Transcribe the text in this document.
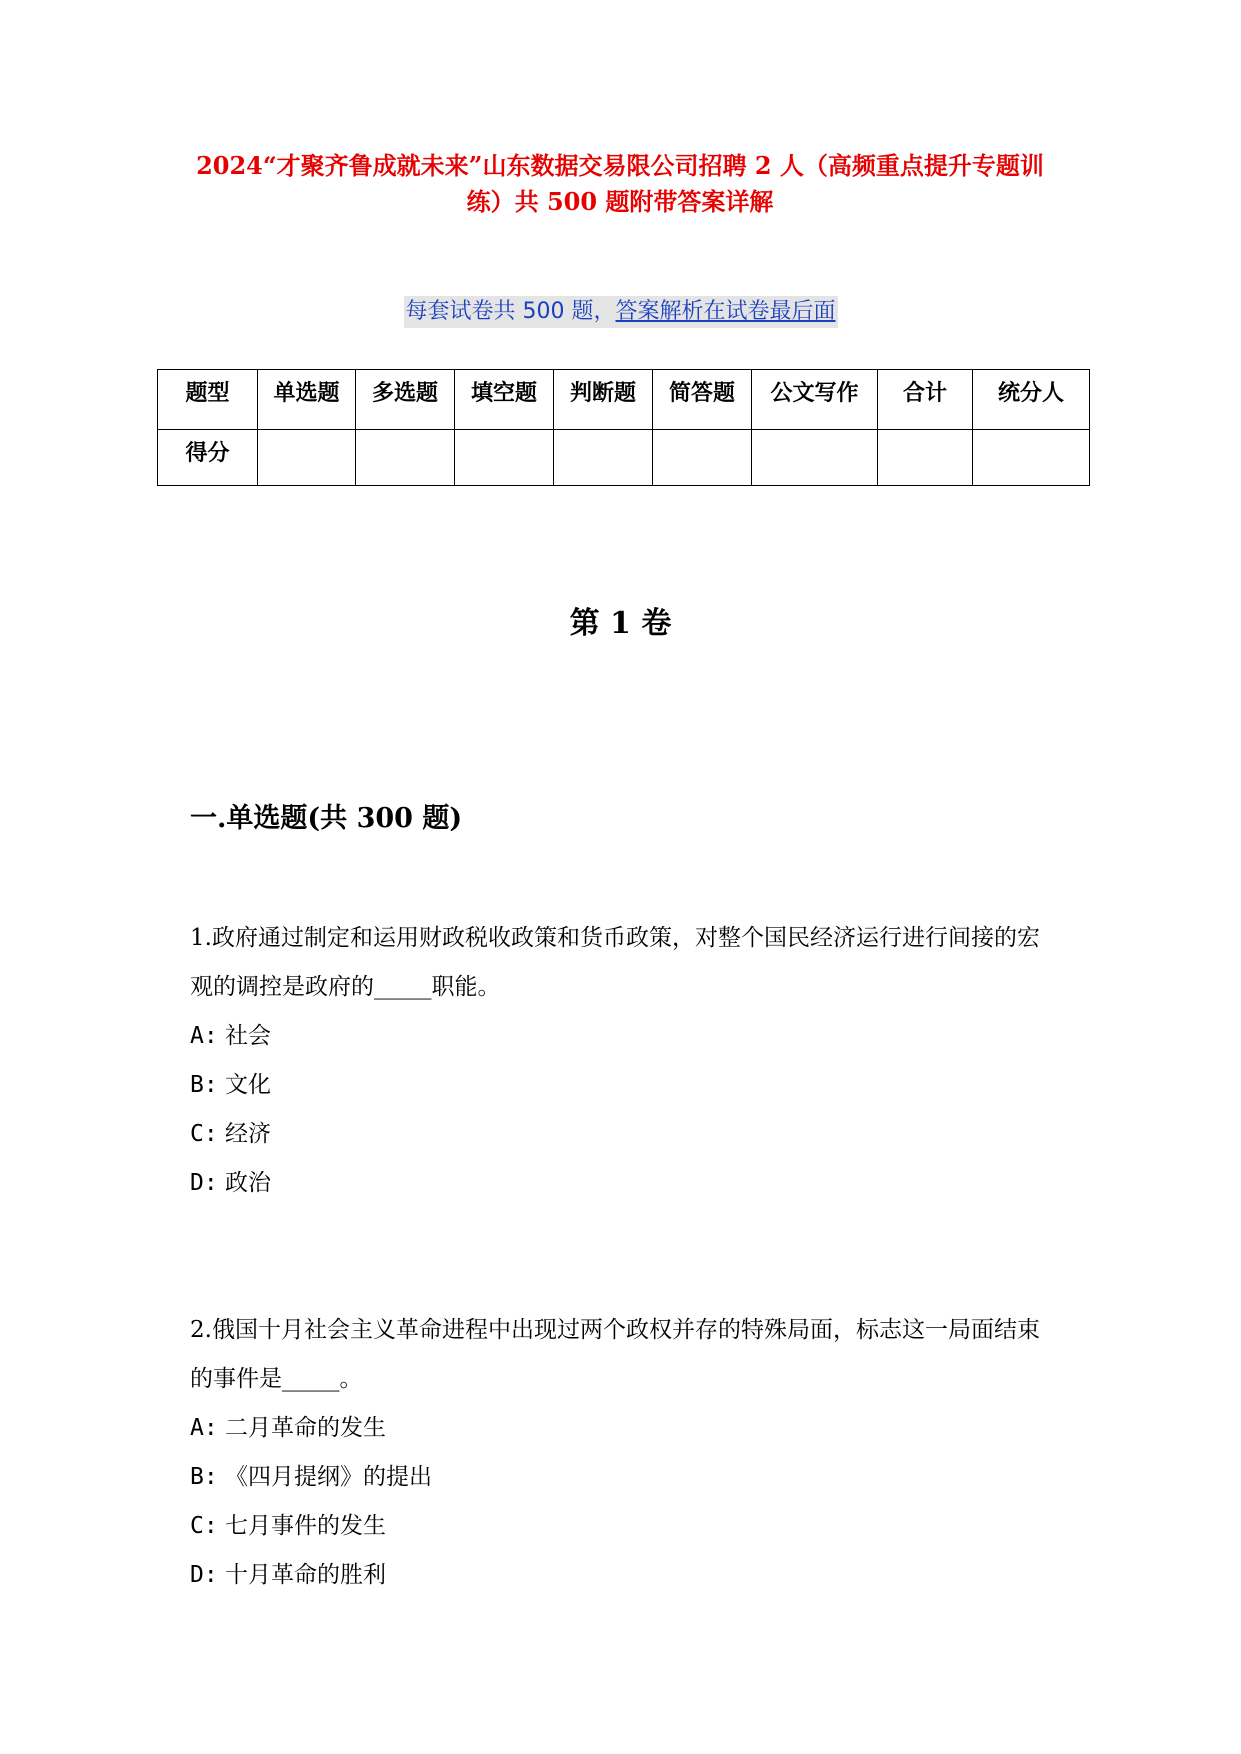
2024“才聚齐鲁成就未来”山东数据交易限公司招聘 2 人（高频重点提升专题训练）共 500 题附带答案详解
每套试卷共 500 题，答案解析在试卷最后面
题型	单选题	多选题	填空题	判断题	简答题	公文写作	合计	统分人
得分								
第 1 卷
一.单选题(共 300 题)
1.政府通过制定和运用财政税收政策和货币政策，对整个国民经济运行进行间接的宏观的调控是政府的_____职能。
A: 社会
B: 文化
C: 经济
D: 政治
2.俄国十月社会主义革命进程中出现过两个政权并存的特殊局面，标志这一局面结束的事件是_____。
A: 二月革命的发生
B: 《四月提纲》的提出
C: 七月事件的发生
D: 十月革命的胜利
